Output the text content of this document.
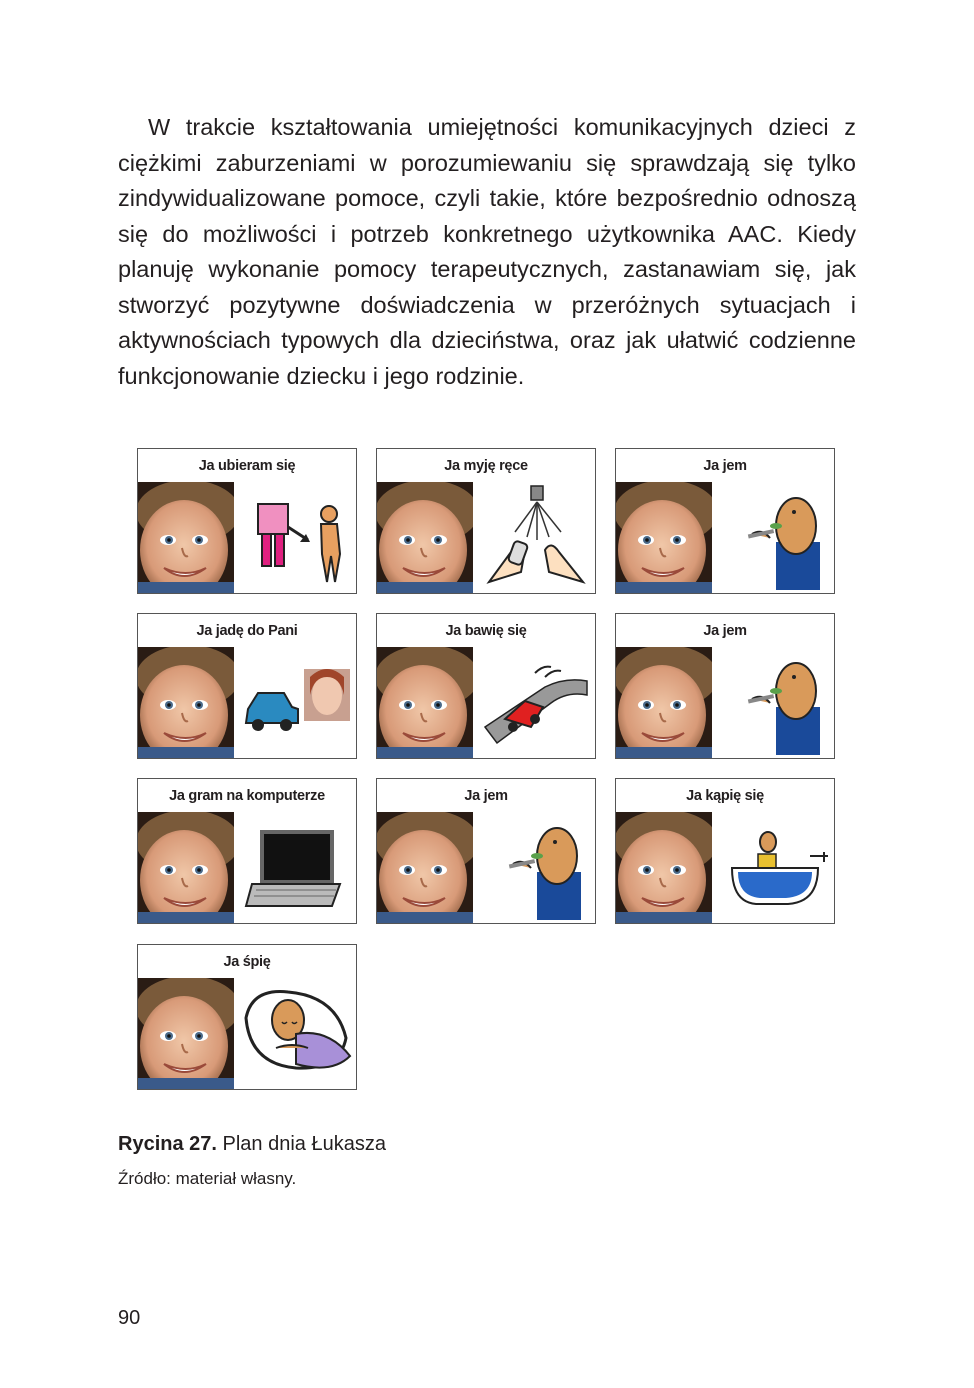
W trakcie kształtowania umiejętności komunikacyjnych dzieci z ciężkimi zaburzeniami w porozumiewaniu się sprawdzają się tylko zindywidualizowane pomoce, czyli takie, które bezpośrednio odnoszą się do możliwości i potrzeb konkretnego użytkownika AAC. Kiedy planuję wykonanie pomocy terapeutycznych, zastanawiam się, jak stworzyć pozytywne doświadczenia w przeróżnych sytuacjach i aktywnościach typowych dla dzieciństwa, oraz jak ułatwić codzienne funkcjonowanie dziecku i jego rodzinie.

Ja ubieram się	Ja myję ręce	Ja jem
Ja jadę do Pani	Ja bawię się	Ja jem
Ja gram na komputerze	Ja jem	Ja kąpię się
Ja śpię

Rycina 27. Plan dnia Łukasza

Źródło: materiał własny.

90
